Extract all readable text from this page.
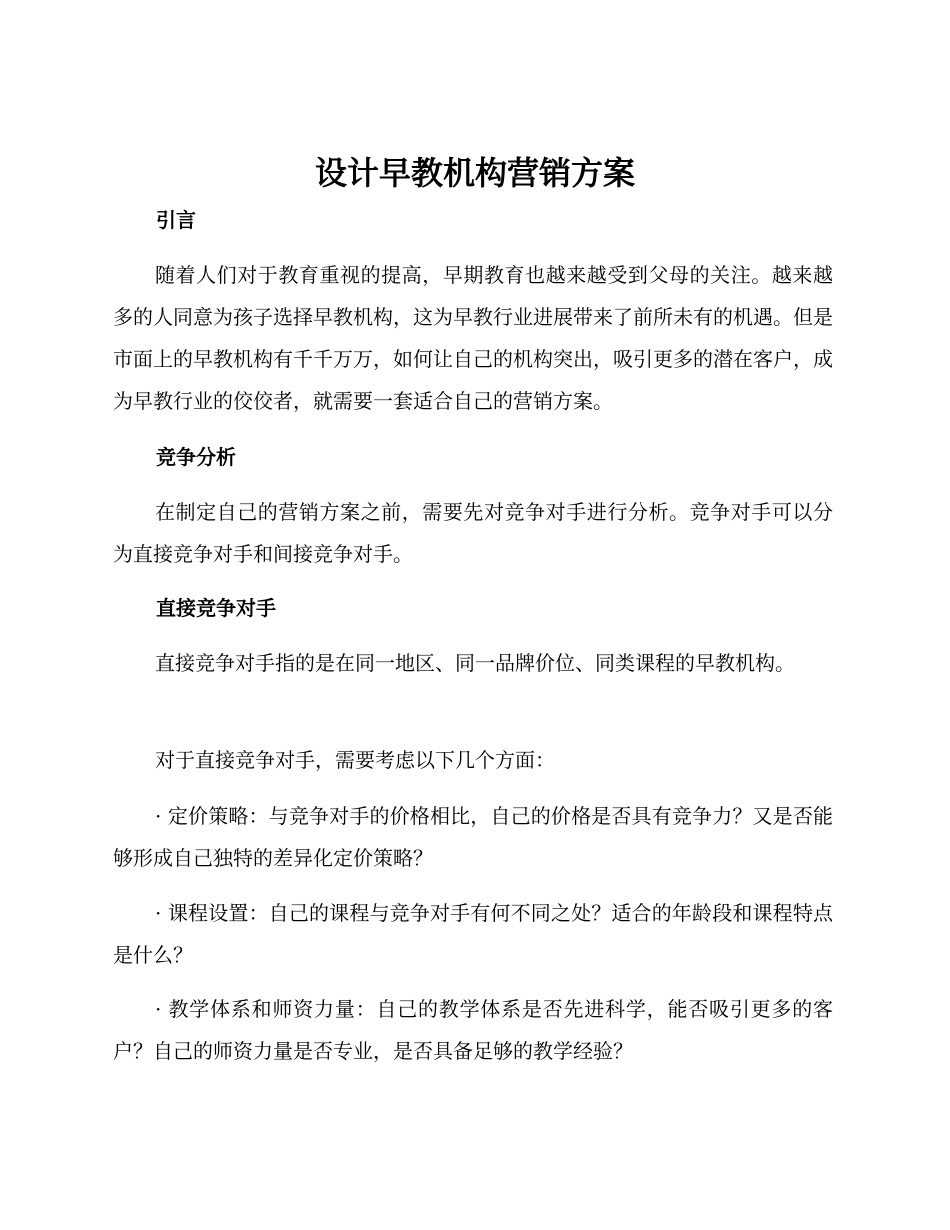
设计早教机构营销方案
引言

随着人们对于教育重视的提高，早期教育也越来越受到父母的关注。越来越多的人同意为孩子选择早教机构，这为早教行业进展带来了前所未有的机遇。但是市面上的早教机构有千千万万，如何让自己的机构突出，吸引更多的潜在客户，成为早教行业的佼佼者，就需要一套适合自己的营销方案。

竞争分析

在制定自己的营销方案之前，需要先对竞争对手进行分析。竞争对手可以分为直接竞争对手和间接竞争对手。

直接竞争对手

直接竞争对手指的是在同一地区、同一品牌价位、同类课程的早教机构。

对于直接竞争对手，需要考虑以下几个方面：

· 定价策略：与竞争对手的价格相比，自己的价格是否具有竞争力？又是否能够形成自己独特的差异化定价策略？

· 课程设置：自己的课程与竞争对手有何不同之处？适合的年龄段和课程特点是什么？

· 教学体系和师资力量：自己的教学体系是否先进科学，能否吸引更多的客户？自己的师资力量是否专业，是否具备足够的教学经验？
